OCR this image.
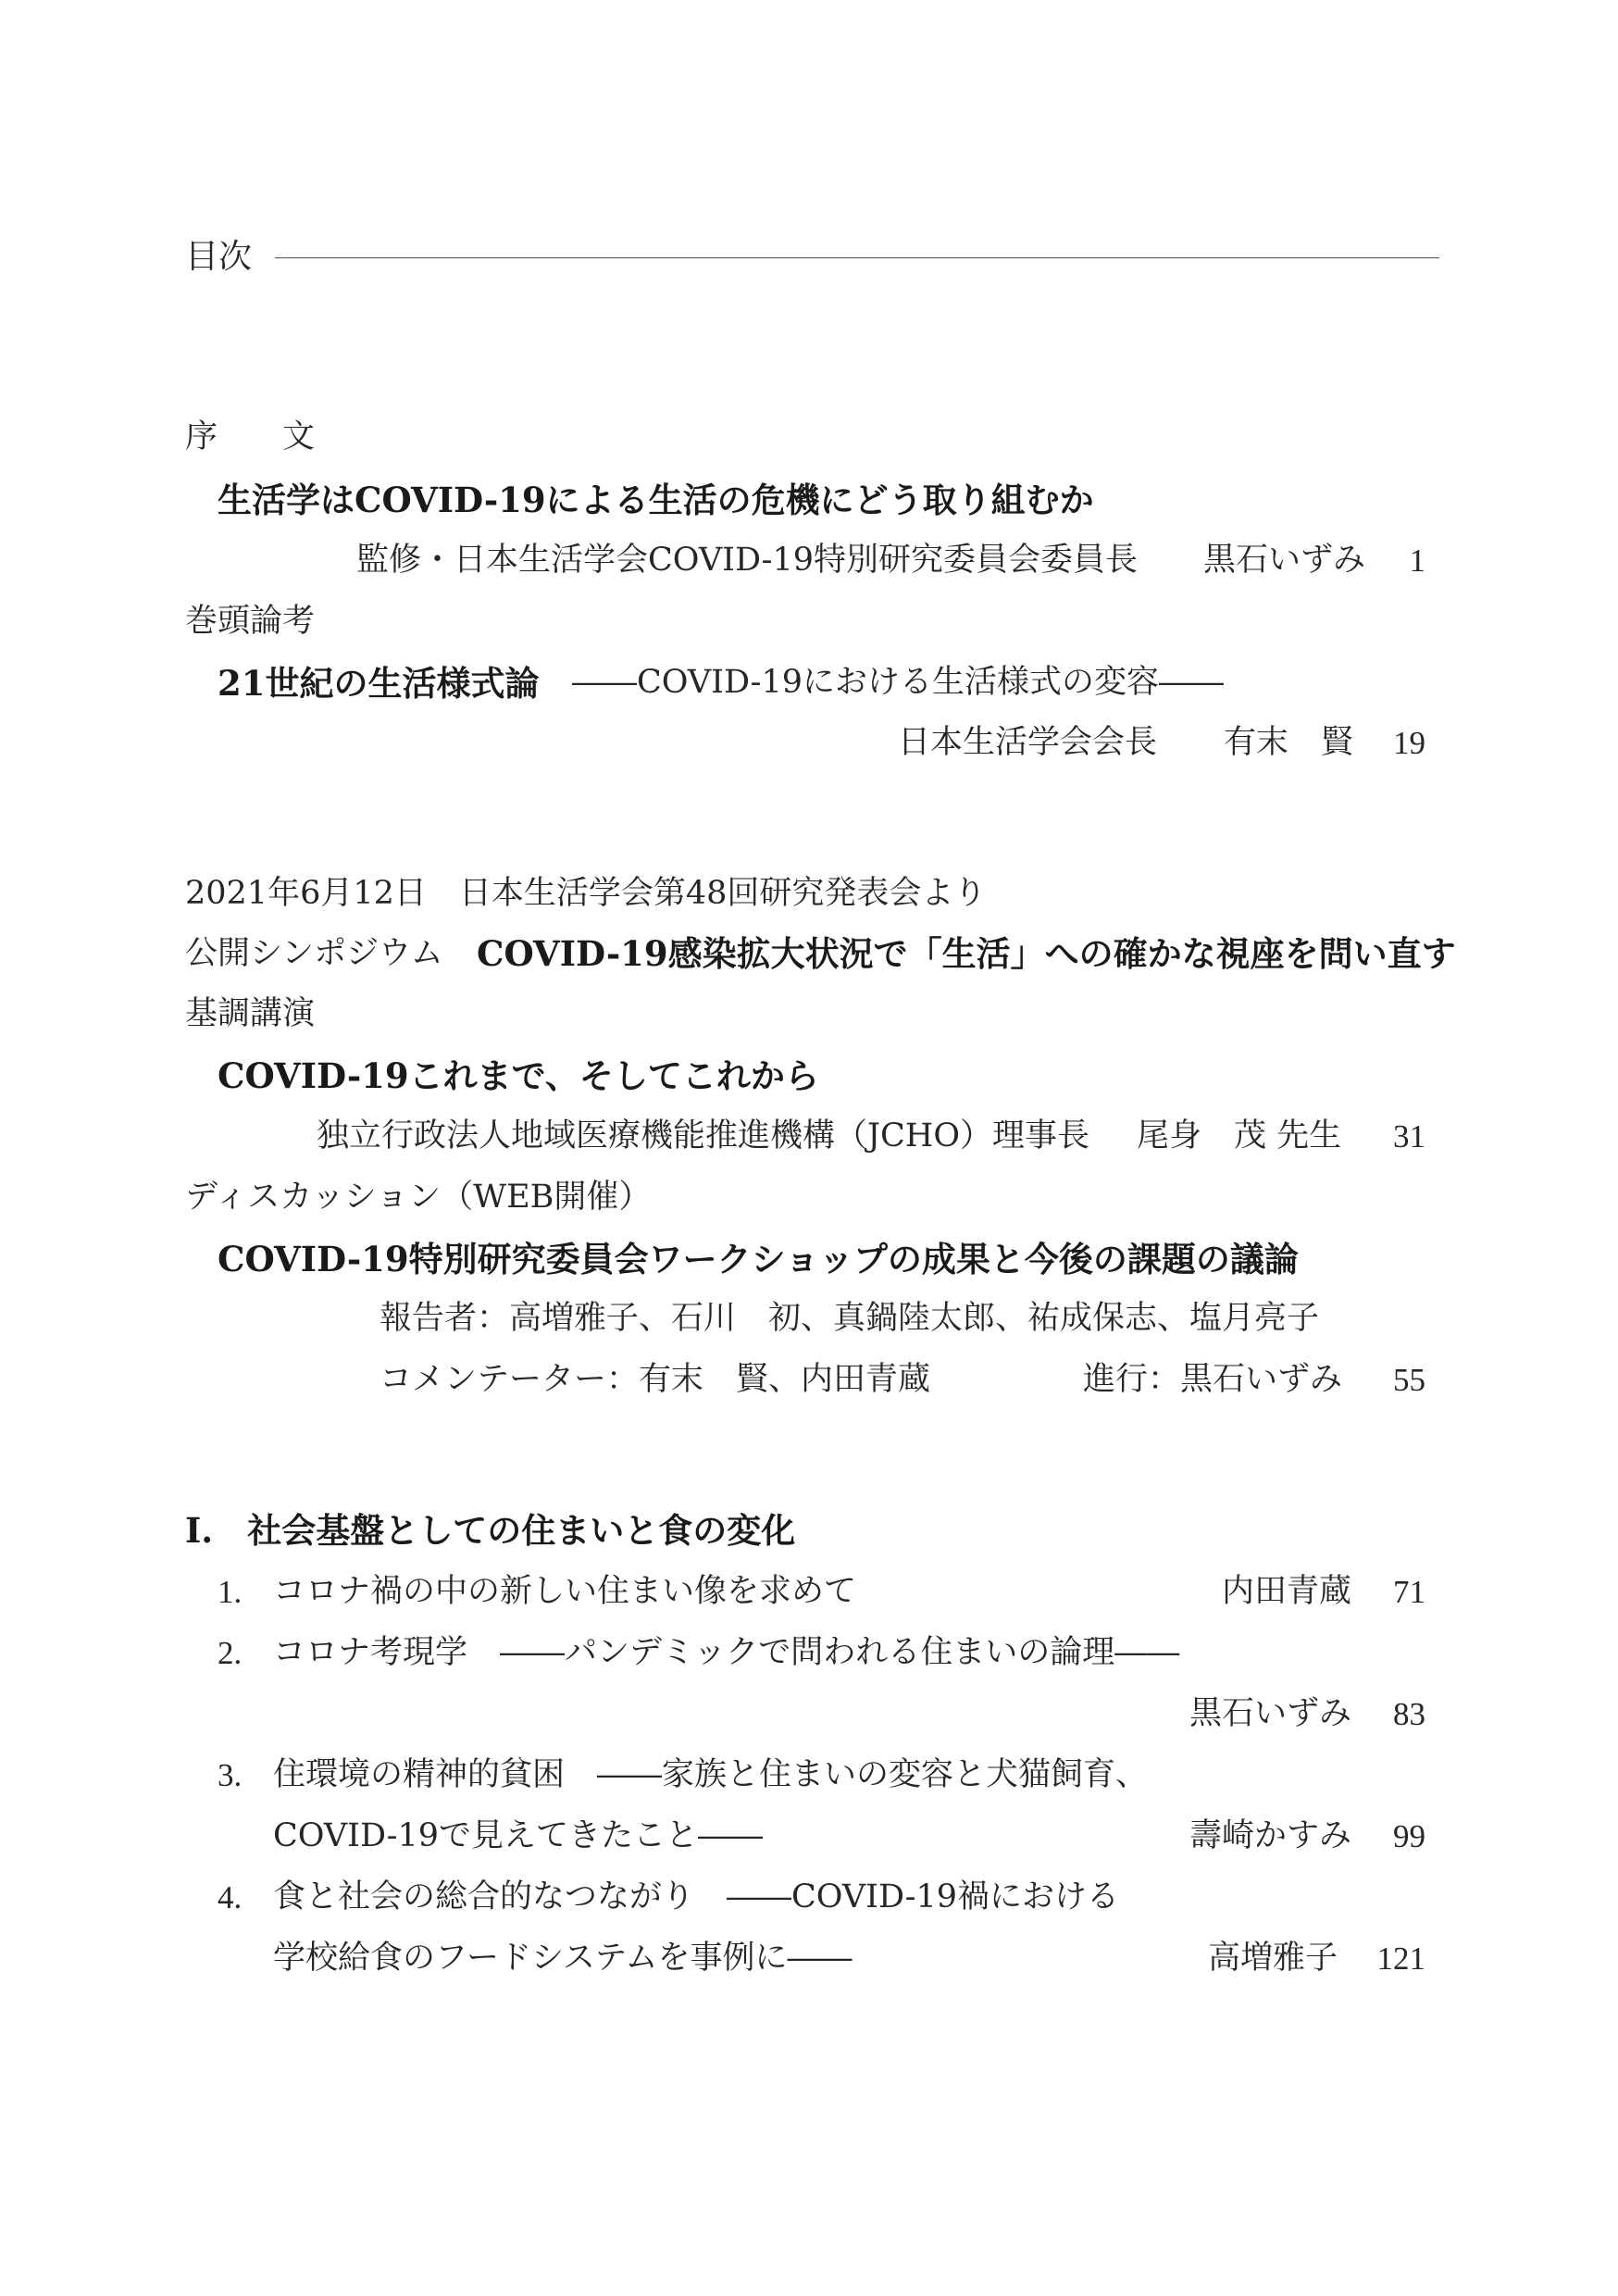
目次
序　　文
生活学はCOVID-19による生活の危機にどう取り組むか
監修・日本生活学会COVID-19特別研究委員会委員長 黒石いずみ	1
巻頭論考
21世紀の生活様式論 ――COVID-19における生活様式の変容――
日本生活学会会長 有末　賢	19
2021年6月12日　日本生活学会第48回研究発表会より
公開シンポジウム COVID-19感染拡大状況で「生活」への確かな視座を問い直す
基調講演
COVID-19これまで、そしてこれから
独立行政法人地域医療機能推進機構（JCHO）理事長 尾身　茂 先生	31
ディスカッション（WEB開催）
COVID-19特別研究委員会ワークショップの成果と今後の課題の議論
報告者：高増雅子、石川　初、真鍋陸太郎、祐成保志、塩月亮子
コメンテーター：有末　賢、内田青蔵	進行：黒石いずみ	55
I.　社会基盤としての住まいと食の変化
1. コロナ禍の中の新しい住まい像を求めて	内田青蔵	71
2. コロナ考現学　――パンデミックで問われる住まいの論理――
黒石いずみ	83
3. 住環境の精神的貧困　――家族と住まいの変容と犬猫飼育、
COVID-19で見えてきたこと――	壽崎かすみ	99
4. 食と社会の総合的なつながり　――COVID-19禍における
学校給食のフードシステムを事例に――	高増雅子 121
